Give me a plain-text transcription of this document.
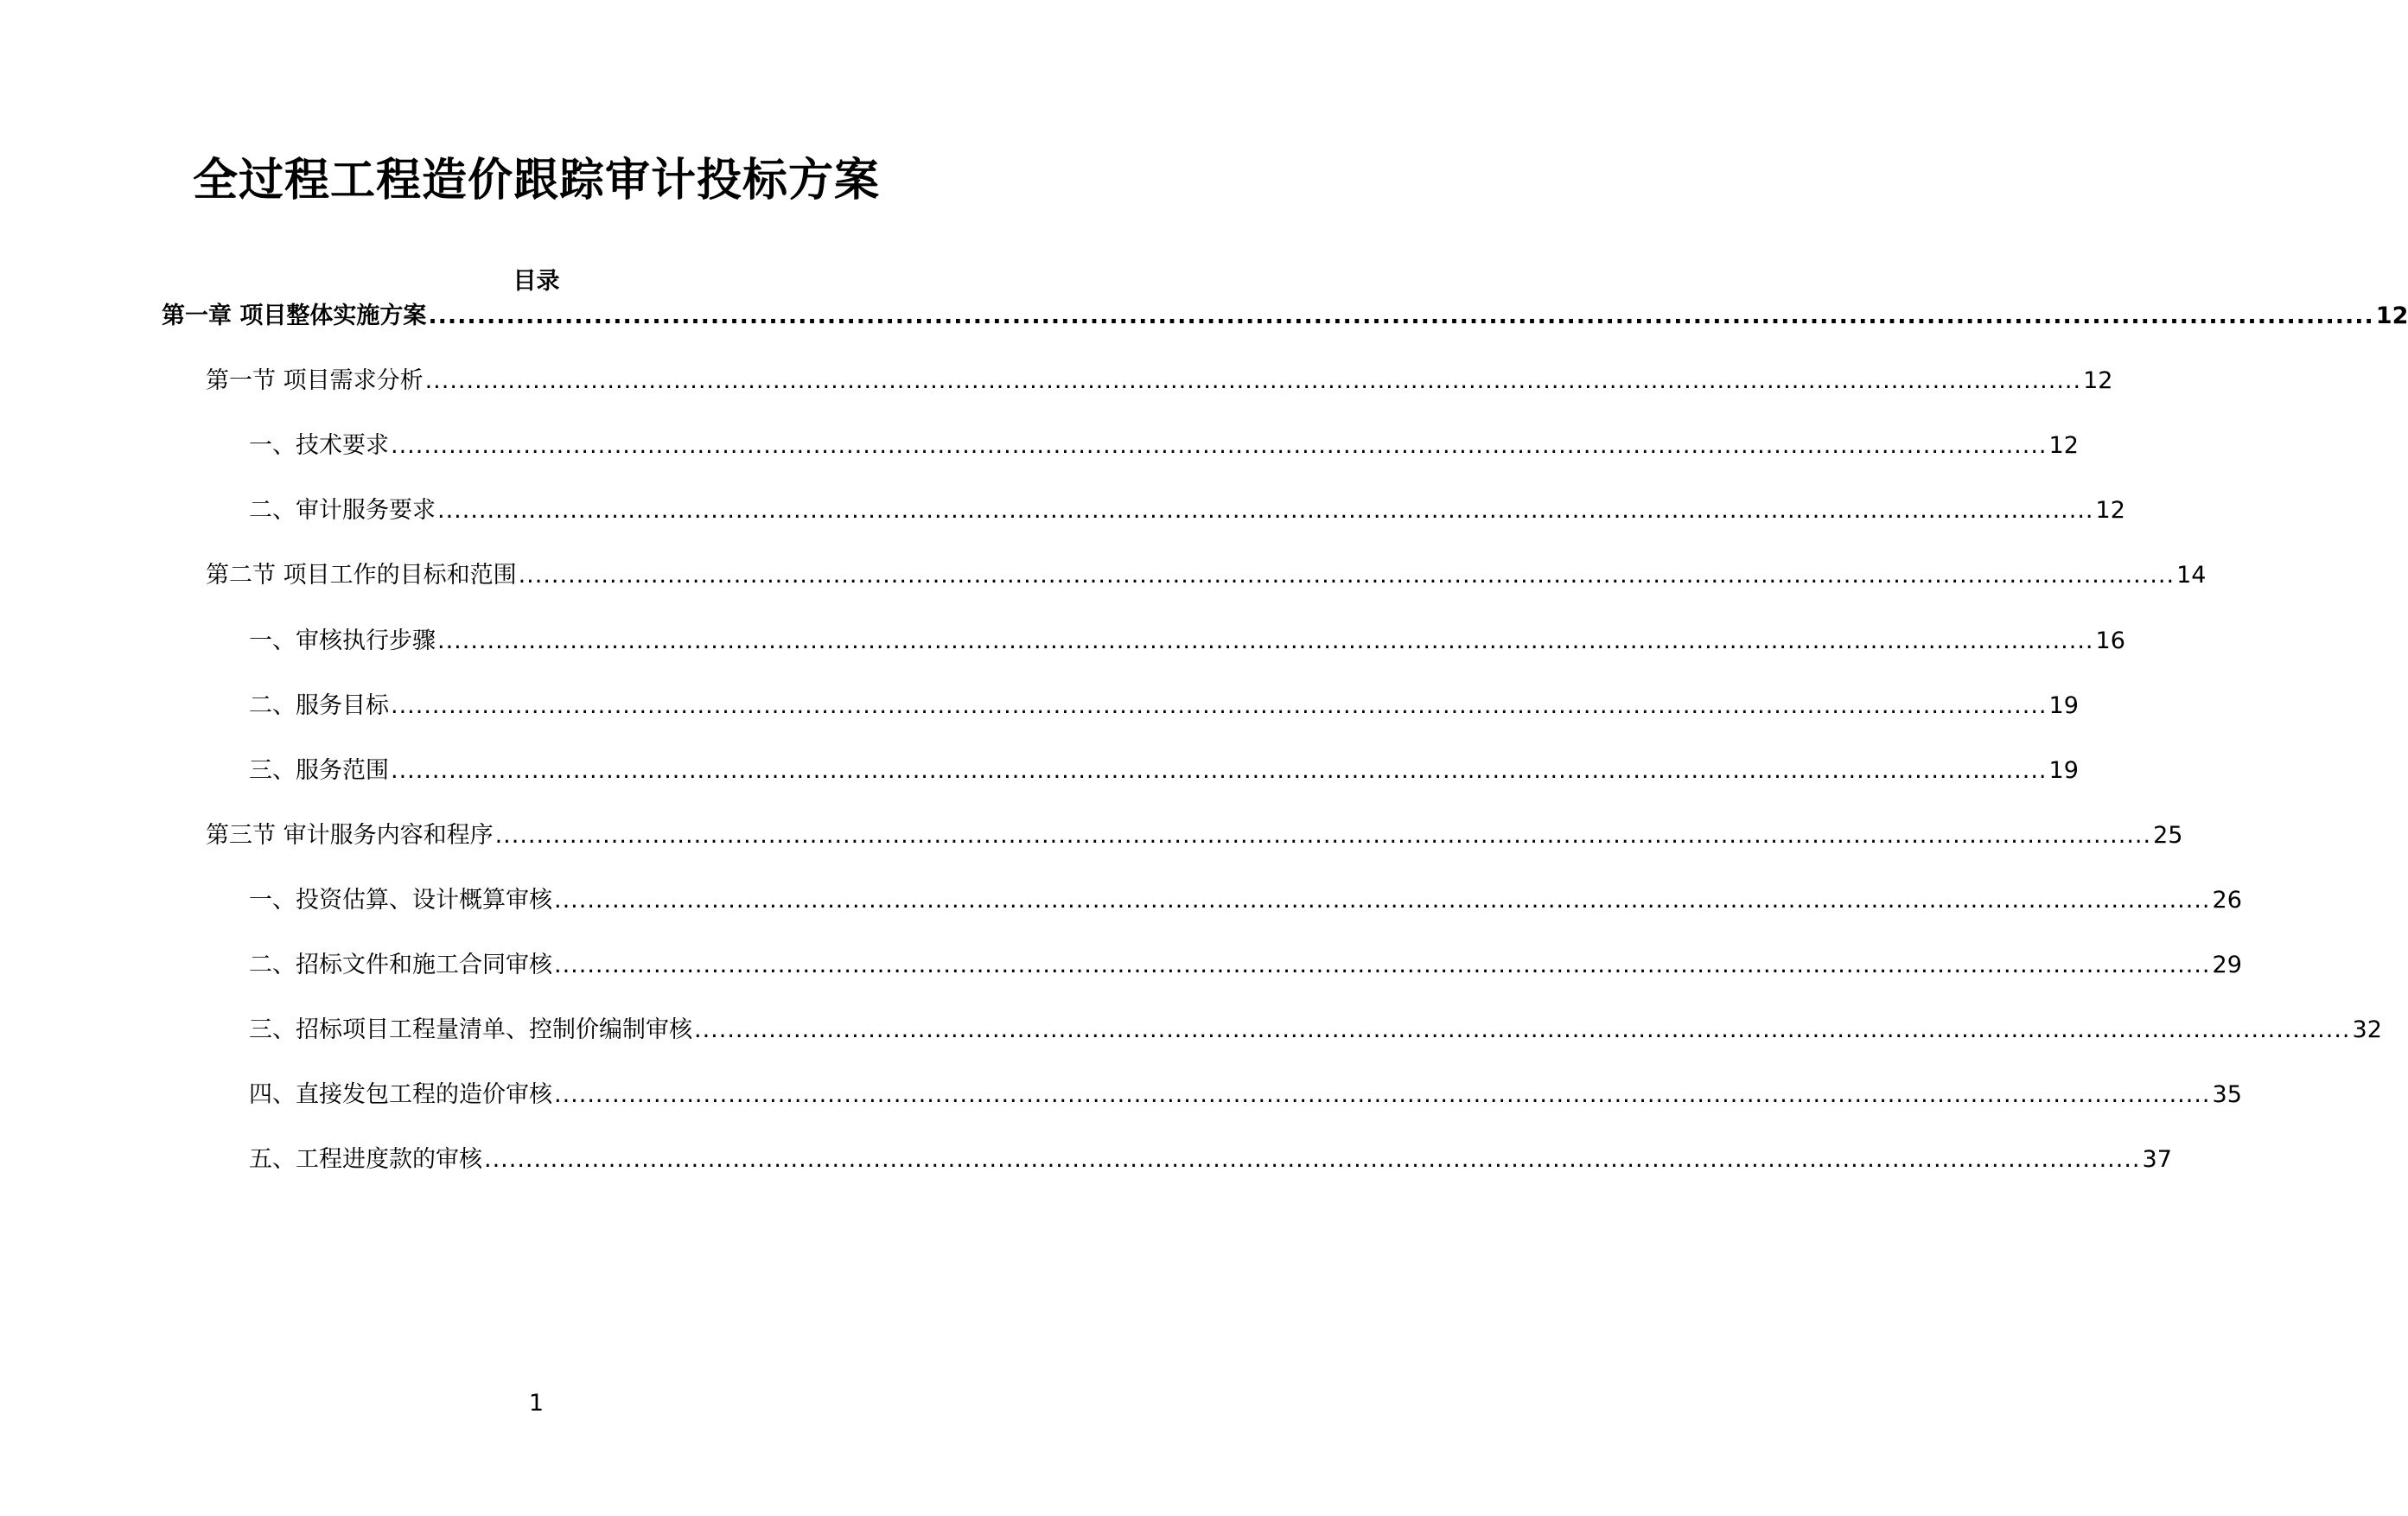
全过程工程造价跟踪审计投标方案
目录
第一章 项目整体实施方案 ........................................................................................................................................................................................................ 12
第一节 项目需求分析 ........................................................................................................................................................................................................ 12
一、技术要求 ........................................................................................................................................................................................................ 12
二、审计服务要求 ........................................................................................................................................................................................................ 12
第二节 项目工作的目标和范围 ........................................................................................................................................................................................................ 14
一、审核执行步骤 ........................................................................................................................................................................................................ 16
二、服务目标 ........................................................................................................................................................................................................ 19
三、服务范围 ........................................................................................................................................................................................................ 19
第三节 审计服务内容和程序 ........................................................................................................................................................................................................ 25
一、投资估算、设计概算审核 ........................................................................................................................................................................................................ 26
二、招标文件和施工合同审核 ........................................................................................................................................................................................................ 29
三、招标项目工程量清单、控制价编制审核 ........................................................................................................................................................................................................ 32
四、直接发包工程的造价审核 ........................................................................................................................................................................................................ 35
五、工程进度款的审核 ........................................................................................................................................................................................................ 37
1
